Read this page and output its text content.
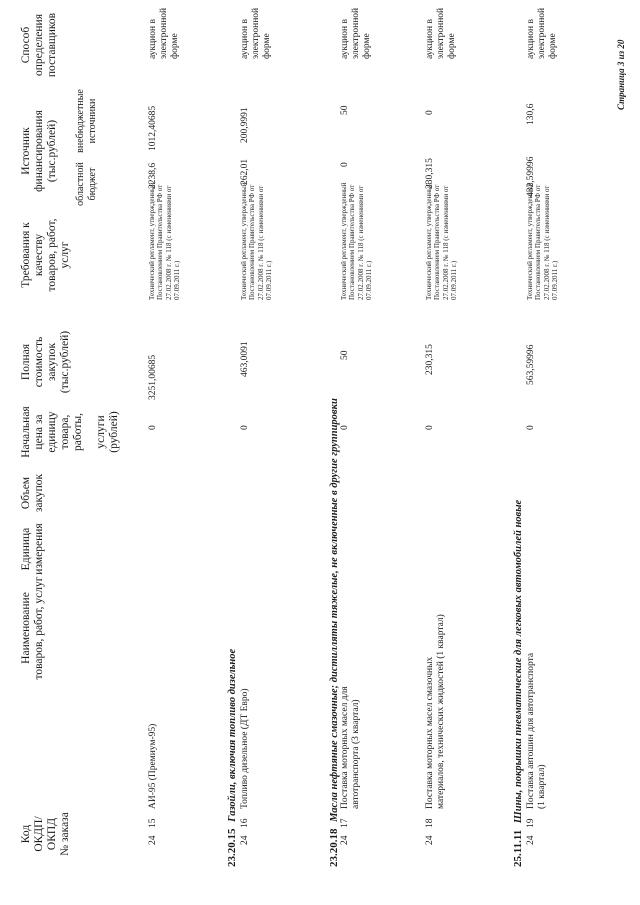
Код ОКДП/ ОКПД № заказа
Наименование товаров, работ, услуг
Единица измерения
Объем закупок
Начальная цена за единицу товара, работы, услуги (рублей)
Полная стоимость закупок (тыс.рублей)
Требования к качеству товаров, работ, услуг
Источник финансирования (тыс.рублей)
областной бюджет
внебюджетные источники
Способ определения поставщиков
24
15
АИ-95 (Премиум-95)
0
3251,00685
Технический регламент, утвержденный Постановлением Правительства РФ от 27.02.2008 г. № 118 (с изменениями от 07.09.2011 г.)
2238,6
1012,40685
аукцион в электронной форме
23.20.15 Газойли, включая топливо дизельное
24
16
Топливо дизельное (ДТ Евро)
0
463,0091
Технический регламент, утвержденный Постановлением Правительства РФ от 27.02.2008 г. № 118 (с изменениями от 07.09.2011 г.)
262,01
200,9991
аукцион в электронной форме
23.20.18 Масла нефтяные смазочные; дистилляты тяжелые, не включенные в другие группировки
24
17
Поставка моторных масел для автотранспорта (3 квартал)
0
50
Технический регламент, утвержденный Постановлением Правительства РФ от 27.02.2008 г. № 118 (с изменениями от 07.09.2011 г.)
0
50
аукцион в электронной форме
24
18
Поставка моторных масел смазочных материалов, технических жидкостей (1 квартал)
0
230,315
Технический регламент, утвержденный Постановлением Правительства РФ от 27.02.2008 г. № 118 (с изменениями от 07.09.2011 г.)
230,315
0
аукцион в электронной форме
25.11.11 Шины, покрышки пневматические для легковых автомобилей новые
24
19
Поставка автошин для автотранспорта (1 квартал)
0
563,59996
Технический регламент, утвержденный Постановлением Правительства РФ от 27.02.2008 г. № 118 (с изменениями от 07.09.2011 г.)
432,59996
130,6
аукцион в электронной форме	Страница 3 из 20
